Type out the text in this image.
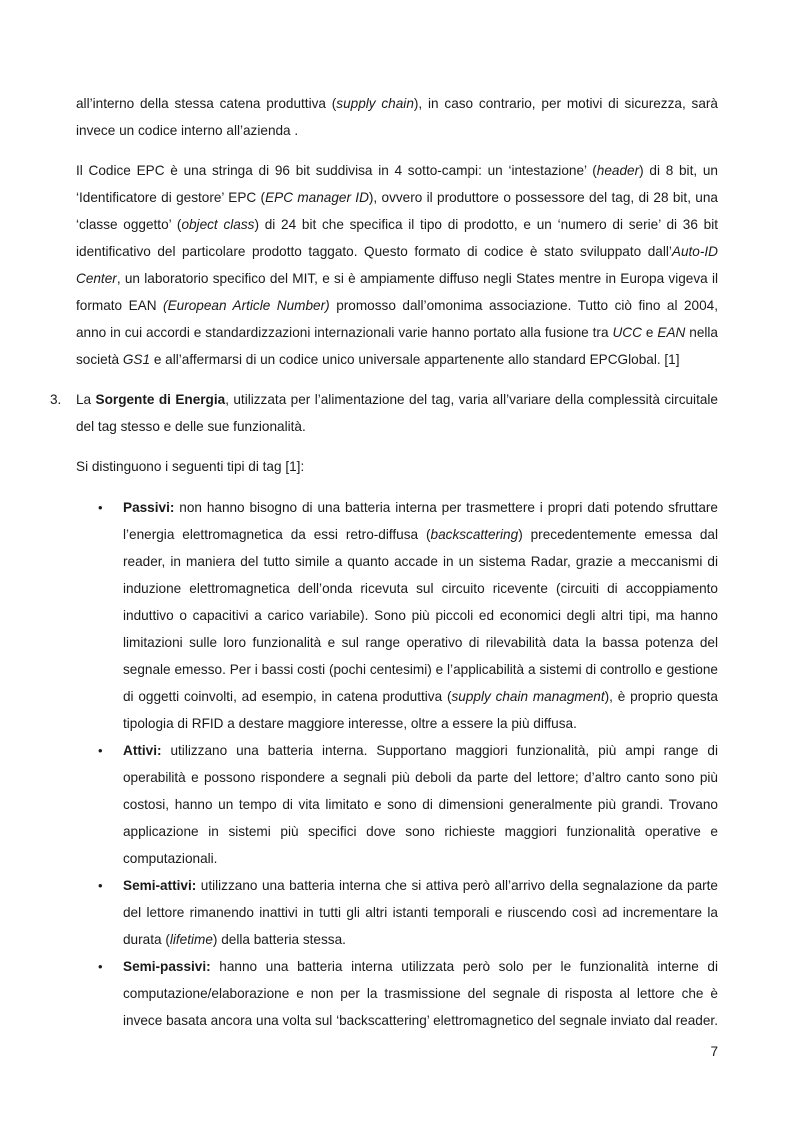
all’interno della stessa catena produttiva (supply chain), in caso contrario, per motivi di sicurezza, sarà invece un codice interno all’azienda .

Il Codice EPC è una stringa di 96 bit suddivisa in 4 sotto-campi: un ‘intestazione’ (header) di 8 bit, un ‘Identificatore di gestore’ EPC (EPC manager ID), ovvero il produttore o possessore del tag, di 28 bit, una ‘classe oggetto’ (object class) di 24 bit che specifica il tipo di prodotto, e un ‘numero di serie’ di 36 bit identificativo del particolare prodotto taggato. Questo formato di codice è stato sviluppato dall’Auto-ID Center, un laboratorio specifico del MIT, e si è ampiamente diffuso negli States mentre in Europa vigeva il formato EAN (European Article Number) promosso dall’omonima associazione. Tutto ciò fino al 2004, anno in cui accordi e standardizzazioni internazionali varie hanno portato alla fusione tra UCC e EAN nella società GS1 e all’affermarsi di un codice unico universale appartenente allo standard EPCGlobal. [1]

3. La Sorgente di Energia, utilizzata per l’alimentazione del tag, varia all’variare della complessità circuitale del tag stesso e delle sue funzionalità.

Si distinguono i seguenti tipi di tag [1]:

• Passivi: non hanno bisogno di una batteria interna per trasmettere i propri dati potendo sfruttare l’energia elettromagnetica da essi retro-diffusa (backscattering) precedentemente emessa dal reader, in maniera del tutto simile a quanto accade in un sistema Radar, grazie a meccanismi di induzione elettromagnetica dell’onda ricevuta sul circuito ricevente (circuiti di accoppiamento induttivo o capacitivi a carico variabile). Sono più piccoli ed economici degli altri tipi, ma hanno limitazioni sulle loro funzionalità e sul range operativo di rilevabilità data la bassa potenza del segnale emesso. Per i bassi costi (pochi centesimi) e l’applicabilità a sistemi di controllo e gestione di oggetti coinvolti, ad esempio, in catena produttiva (supply chain managment), è proprio questa tipologia di RFID a destare maggiore interesse, oltre a essere la più diffusa.
• Attivi: utilizzano una batteria interna. Supportano maggiori funzionalità, più ampi range di operabilità e possono rispondere a segnali più deboli da parte del lettore; d’altro canto sono più costosi, hanno un tempo di vita limitato e sono di dimensioni generalmente più grandi. Trovano applicazione in sistemi più specifici dove sono richieste maggiori funzionalità operative e computazionali.
• Semi-attivi: utilizzano una batteria interna che si attiva però all’arrivo della segnalazione da parte del lettore rimanendo inattivi in tutti gli altri istanti temporali e riuscendo così ad incrementare la durata (lifetime) della batteria stessa.
• Semi-passivi: hanno una batteria interna utilizzata però solo per le funzionalità interne di computazione/elaborazione e non per la trasmissione del segnale di risposta al lettore che è invece basata ancora una volta sul ‘backscattering’ elettromagnetico del segnale inviato dal reader.
7
